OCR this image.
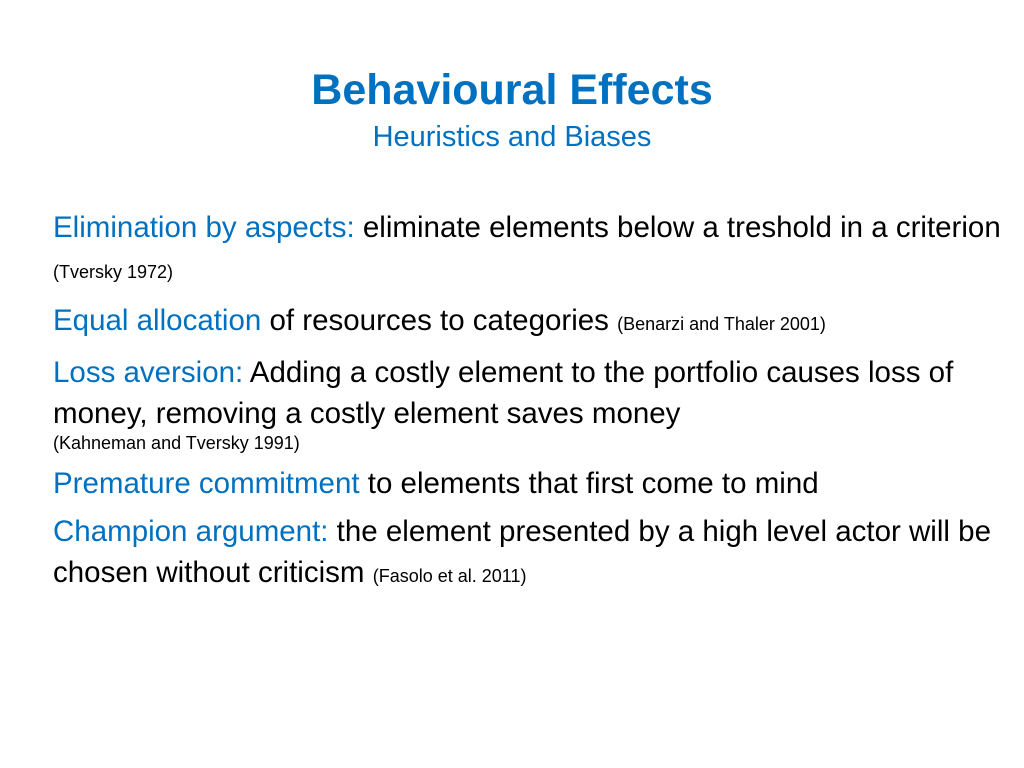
Behavioural Effects
Heuristics and Biases
Elimination by aspects: eliminate elements below a treshold in a criterion (Tversky 1972)
Equal allocation of resources to categories (Benarzi and Thaler 2001)
Loss aversion: Adding a costly element to the portfolio causes loss of money, removing a costly element saves money
(Kahneman and Tversky 1991)
Premature commitment to elements that first come to mind
Champion argument: the element presented by a high level actor will be chosen without criticism (Fasolo et al. 2011)
